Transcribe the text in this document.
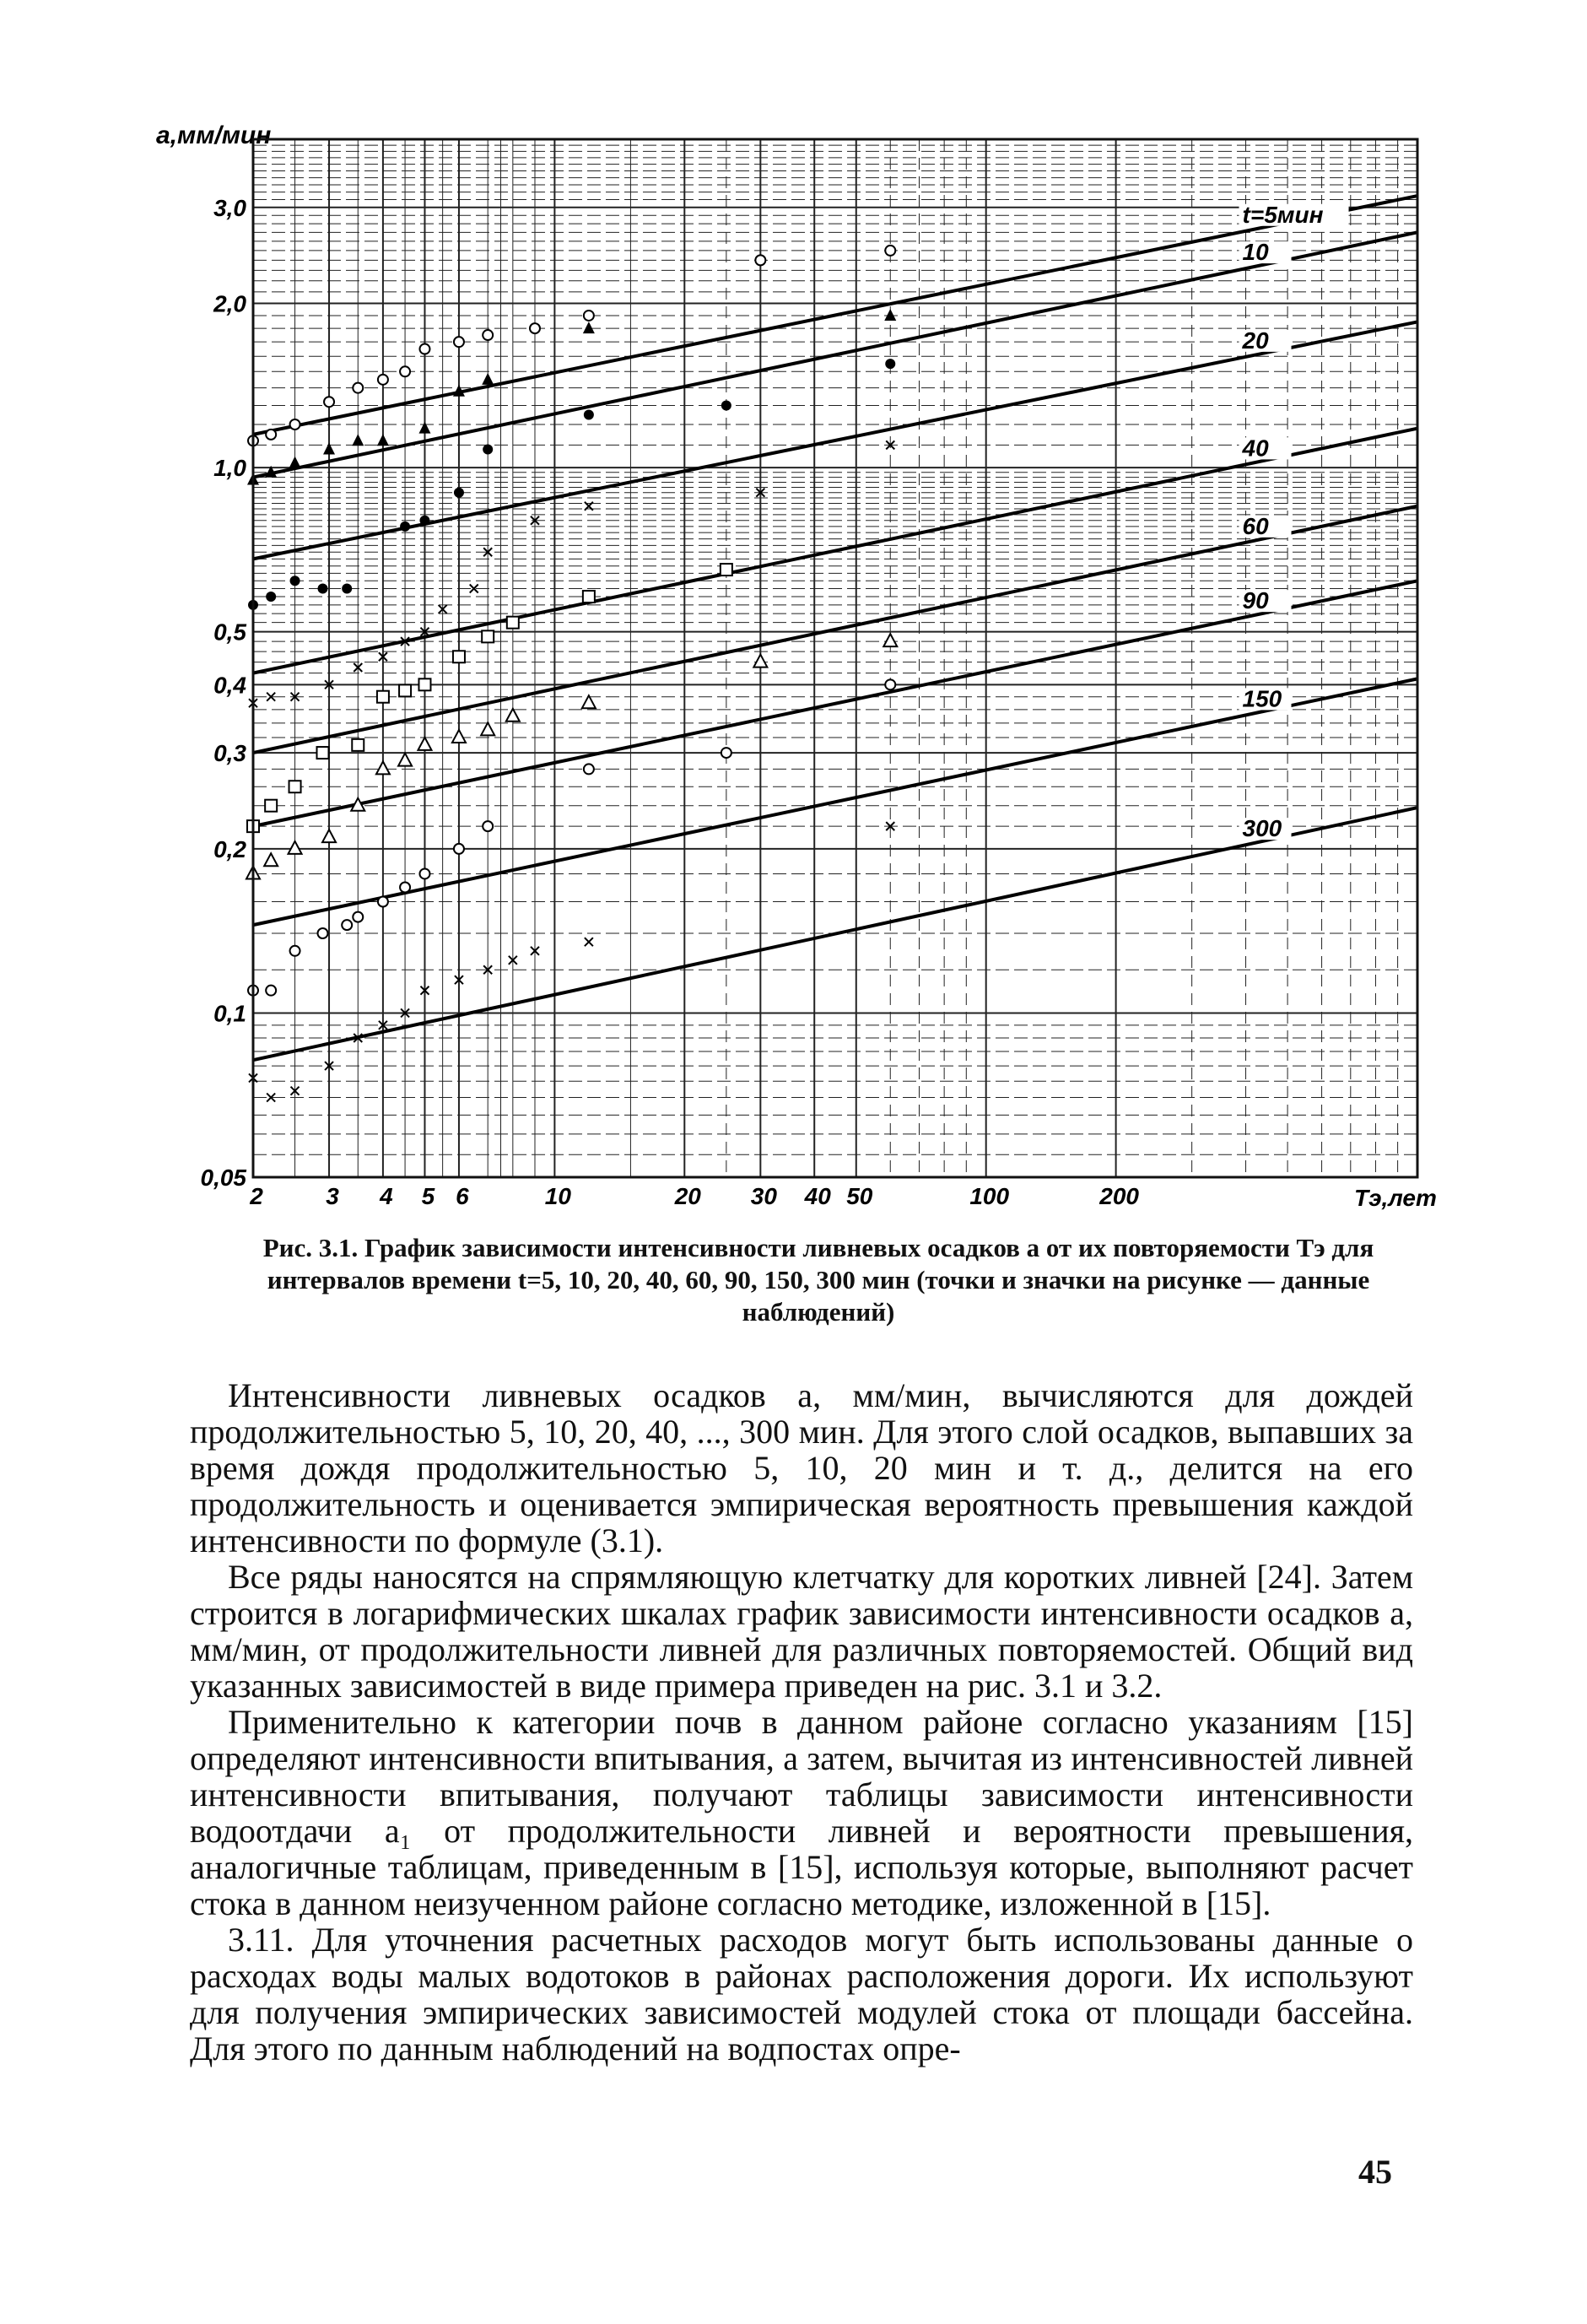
3,0
2,0
1,0
0,5
0,4
0,3
0,2
0,1
0,05
2	3 4 5 6	10	20 30 40 50	100	200
a,мм/мин
Tэ,лет
t=5мин
10
20
40
60
90
150
300
Рис. 3.1. График зависимости интенсивности ливневых осадков a от их повторяемости Tэ для интервалов времени t=5, 10, 20, 40, 60, 90, 150, 300 мин (точки и значки на рисунке — данные наблюдений)

Интенсивности ливневых осадков a, мм/мин, вычисляются для дождей продолжительностью 5, 10, 20, 40, ..., 300 мин. Для этого слой осадков, выпавших за время дождя продолжительностью 5, 10, 20 мин и т. д., делится на его продолжительность и оценивается эмпирическая вероятность превышения каждой интенсивности по формуле (3.1).

Все ряды наносятся на спрямляющую клетчатку для коротких ливней [24]. Затем строится в логарифмических шкалах график зависимости интенсивности осадков a, мм/мин, от продолжительности ливней для различных повторяемостей. Общий вид указанных зависимостей в виде примера приведен на рис. 3.1 и 3.2.

Применительно к категории почв в данном районе согласно указаниям [15] определяют интенсивности впитывания, а затем, вычитая из интенсивностей ливней интенсивности впитывания, получают таблицы зависимости интенсивности водоотдачи a₁ от продолжительности ливней и вероятности превышения, аналогичные таблицам, приведенным в [15], используя которые, выполняют расчет стока в данном неизученном районе согласно методике, изложенной в [15].

3.11. Для уточнения расчетных расходов могут быть использованы данные о расходах воды малых водотоков в районах расположения дороги. Их используют для получения эмпирических зависимостей модулей стока от площади бассейна. Для этого по данным наблюдений на водпостах опре-

45
